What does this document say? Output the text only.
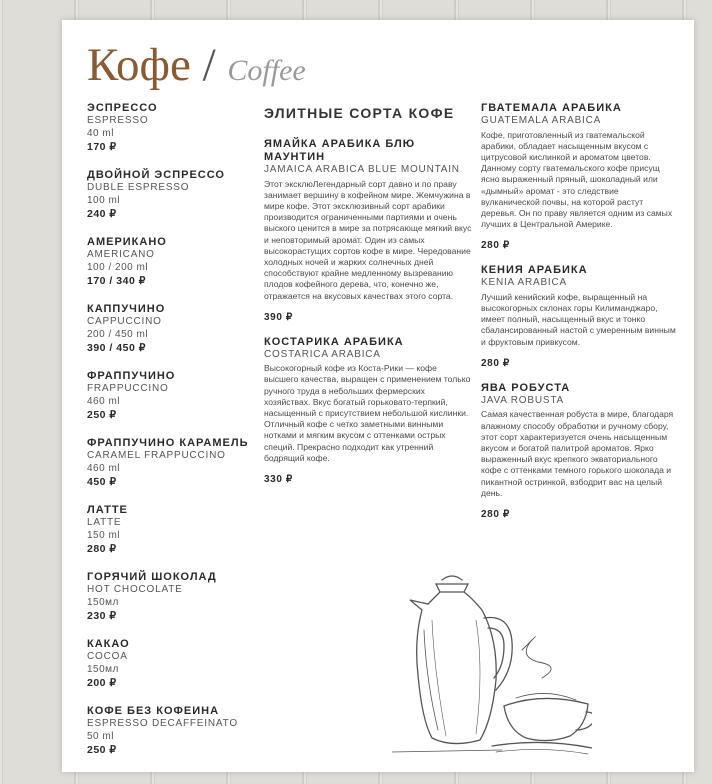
Кофе / Coffee
ЭСПРЕССО
ESPRESSO
40 ml
170 ₽
ДВОЙНОЙ ЭСПРЕССО
DUBLE ESPRESSO
100 ml
240 ₽
АМЕРИКАНО
AMERICANO
100 / 200 ml
170 / 340 ₽
КАППУЧИНО
CAPPUCCINO
200 / 450 ml
390 / 450 ₽
ФРАППУЧИНО
FRAPPUCCINO
460 ml
250 ₽
ФРАППУЧИНО КАРАМЕЛЬ
CARAMEL FRAPPUCCINO
460 ml
450 ₽
ЛАТТЕ
LATTE
150 ml
280 ₽
ГОРЯЧИЙ ШОКОЛАД
HOT CHOCOLATE
150мл
230 ₽
КАКАО
COCOA
150мл
200 ₽
КОФЕ БЕЗ КОФЕИНА
ESPRESSO DECAFFEINATO
50 ml
250 ₽
ЭЛИТНЫЕ СОРТА КОФЕ
ЯМАЙКА АРАБИКА БЛЮ МАУНТИН
JAMAICA ARABICA BLUE MOUNTAIN
Этот эксклюЛегендарный сорт давно и по праву занимает вершину в кофейном мире. Жемчужина в мире кофе. Этот эксклюзивный сорт арабики производится ограниченными партиями и очень выского ценится в мире за потрясающе мягкий вкус и неповторимый аромат. Один из самых высокорастущих сортов кофе в мире. Чередование холодных ночей и жарких солнечных дней способствуют крайне медленному вызреванию плодов кофейного дерева, что, конечно же, отражается на вкусовых качествах этого сорта.
390 ₽
КОСТАРИКА АРАБИКА
COSTARICA ARABICA
Высокогорный кофе из Коста-Рики — кофе высшего качества, выращен с применением только ручного труда в небольших фермерских хозяйствах. Вкус богатый горьковато-терпкий, насыщенный с присутствием небольшой кислинки. Отличный кофе с четко заметными винными нотками и мягким вкусом с оттенками острых специй. Прекрасно подходит как утренний бодрящий кофе.
330 ₽
ГВАТЕМАЛА АРАБИКА
GUATEMALA ARABICA
Кофе, приготовленный из гватемальской арабики, обладает насыщенным вкусом с цитрусовой кислинкой и ароматом цветов. Данному сорту гватемальского кофе присущ ясно выраженный пряный, шоколадный или «дымный» аромат - это следствие вулканической почвы, на которой растут деревья. Он по праву является одним из самых лучших в Центральной Америке.
280 ₽
КЕНИЯ АРАБИКА
KENIA ARABICA
Лучший кенийский кофе, выращенный на высокогорных склонах горы Килиманджаро, имеет полный, насыщенный вкус и тонко сбалансированный настой с умеренным винным и фруктовым привкусом.
280 ₽
ЯВА РОБУСТА
JAVA ROBUSTA
Самая качественная робуста в мире, благодаря влажному способу обработки и ручному сбору, этот сорт характеризуется очень насыщенным вкусом и богатой палитрой ароматов. Ярко выраженный вкус крепкого экваториального кофе с оттенками темного горького шоколада и пикантной остринкой, взбодрит вас на целый день.
280 ₽
